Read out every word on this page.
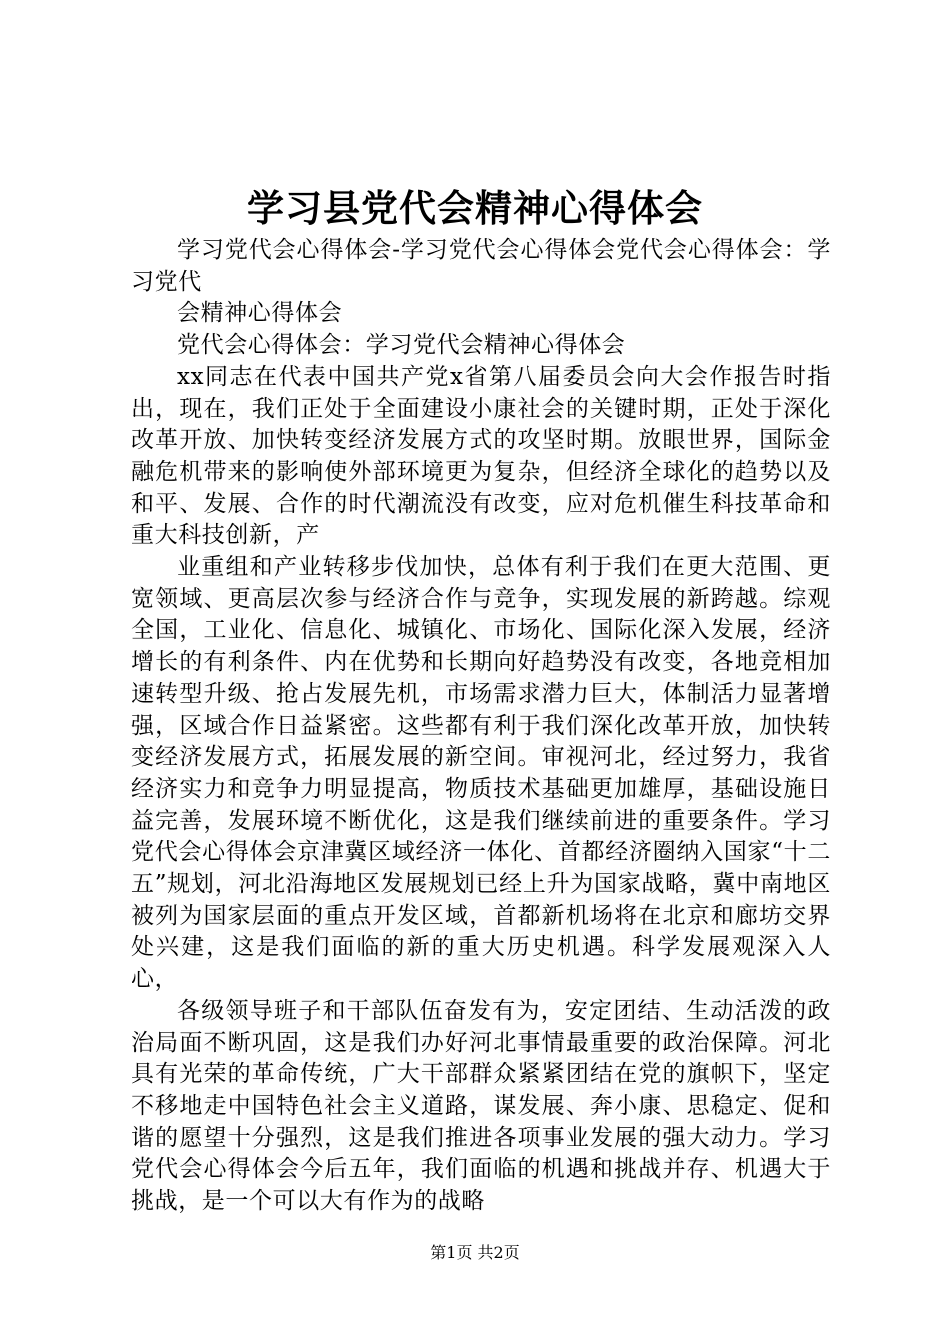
学习县党代会精神心得体会

学习党代会心得体会-学习党代会心得体会党代会心得体会：学习党代

会精神心得体会

党代会心得体会：学习党代会精神心得体会

xx同志在代表中国共产党x省第八届委员会向大会作报告时指出，现在，我们正处于全面建设小康社会的关键时期，正处于深化改革开放、加快转变经济发展方式的攻坚时期。放眼世界，国际金融危机带来的影响使外部环境更为复杂，但经济全球化的趋势以及和平、发展、合作的时代潮流没有改变，应对危机催生科技革命和重大科技创新，产

业重组和产业转移步伐加快，总体有利于我们在更大范围、更宽领域、更高层次参与经济合作与竞争，实现发展的新跨越。综观全国，工业化、信息化、城镇化、市场化、国际化深入发展，经济增长的有利条件、内在优势和长期向好趋势没有改变，各地竞相加速转型升级、抢占发展先机，市场需求潜力巨大，体制活力显著增强，区域合作日益紧密。这些都有利于我们深化改革开放，加快转变经济发展方式，拓展发展的新空间。审视河北，经过努力，我省经济实力和竞争力明显提高，物质技术基础更加雄厚，基础设施日益完善，发展环境不断优化，这是我们继续前进的重要条件。学习党代会心得体会京津冀区域经济一体化、首都经济圈纳入国家“十二五”规划，河北沿海地区发展规划已经上升为国家战略，冀中南地区被列为国家层面的重点开发区域，首都新机场将在北京和廊坊交界处兴建，这是我们面临的新的重大历史机遇。科学发展观深入人心，

各级领导班子和干部队伍奋发有为，安定团结、生动活泼的政治局面不断巩固，这是我们办好河北事情最重要的政治保障。河北具有光荣的革命传统，广大干部群众紧紧团结在党的旗帜下，坚定不移地走中国特色社会主义道路，谋发展、奔小康、思稳定、促和谐的愿望十分强烈，这是我们推进各项事业发展的强大动力。学习党代会心得体会今后五年，我们面临的机遇和挑战并存、机遇大于挑战，是一个可以大有作为的战略

第1页 共2页
